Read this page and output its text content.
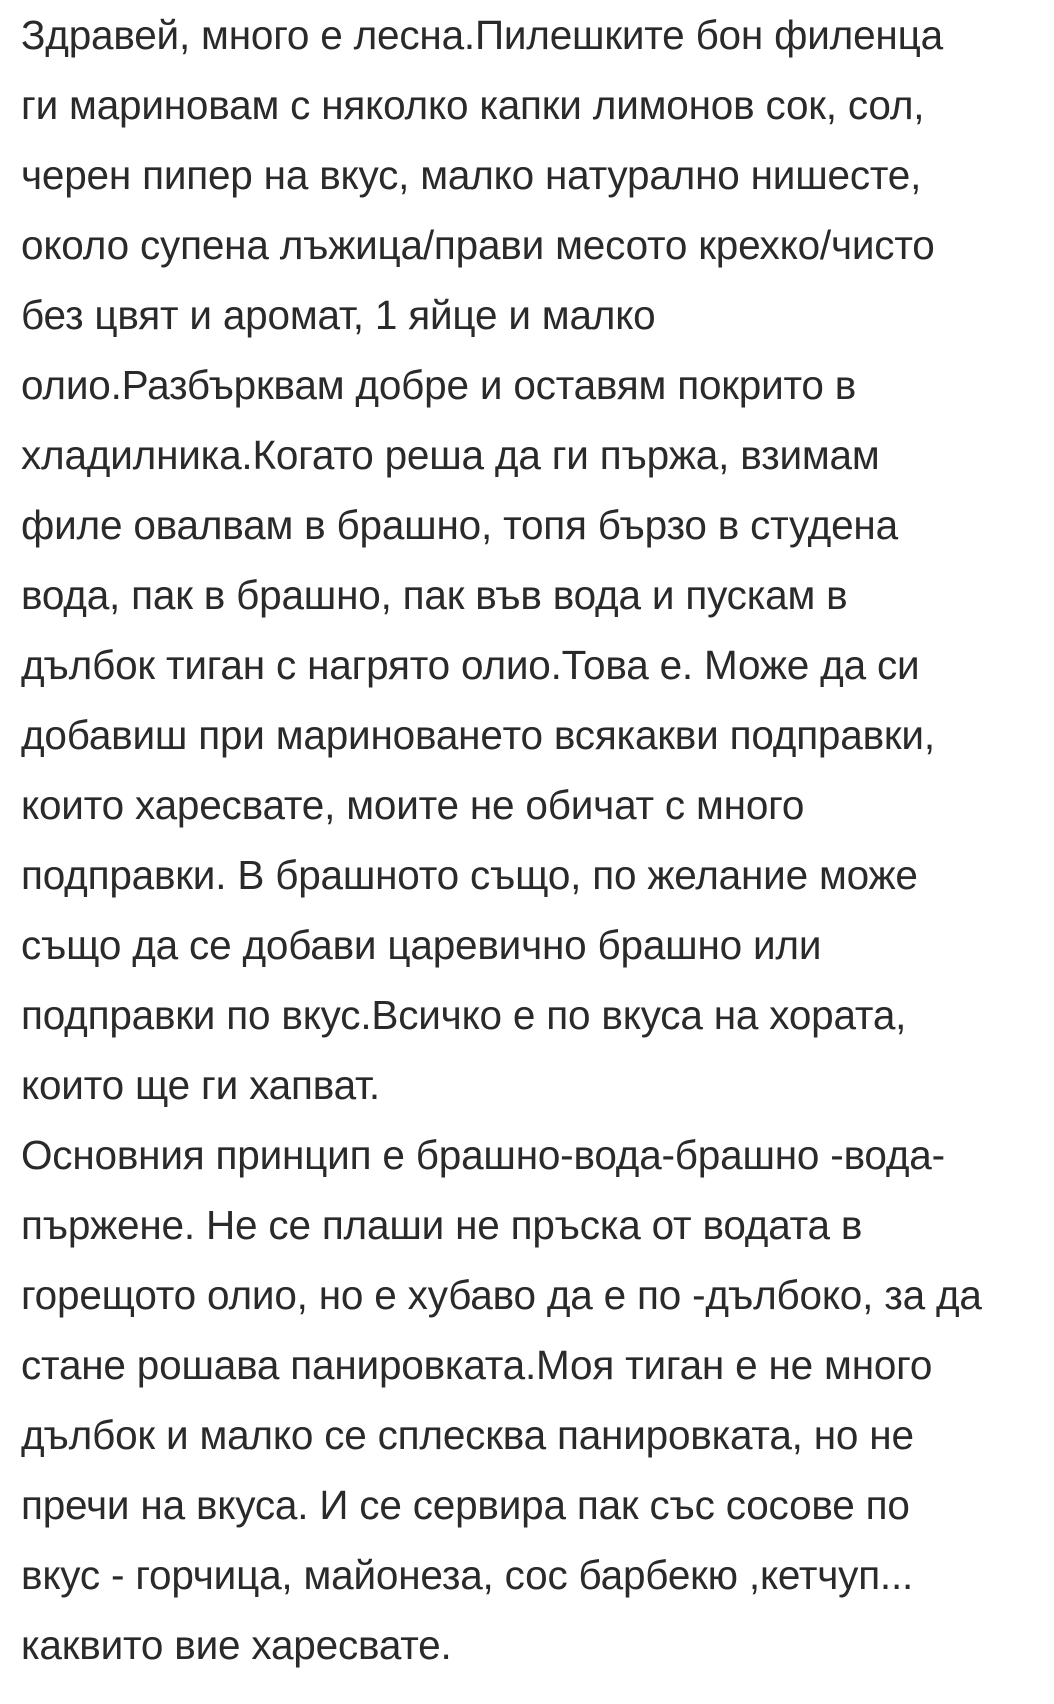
Здравей, много е лесна.Пилешките бон филенца
ги мариновам с няколко капки лимонов сок, сол,
черен пипер на вкус, малко натурално нишесте,
около супена лъжица/прави месото крехко/чисто
без цвят и аромат, 1 яйце и малко
олио.Разбърквам добре и оставям покрито в
хладилника.Когато реша да ги пържа, взимам
филе овалвам в брашно, топя бързо в студена
вода, пак в брашно, пак във вода и пускам в
дълбок тиган с нагрято олио.Това е. Може да си
добавиш при маринованeто всякакви подправки,
които харесвате, моите не обичат с много
подправки. В брашното също, по желание може
също да се добави царевично брашно или
подправки по вкус.Всичко е по вкуса на хората,
които ще ги хапват.
Основния принцип е брашно-вода-брашно -вода-
пържене. Не се плаши не пръска от водата в
горещото олио, но е хубаво да е по -дълбоко, за да
стане рошава панировката.Моя тиган е не много
дълбок и малко се сплесква панировката, но не
пречи на вкуса. И се сервира пак със сосове по
вкус - горчица, майонеза, сос барбекю ,кетчуп...
каквито вие харесвате.
